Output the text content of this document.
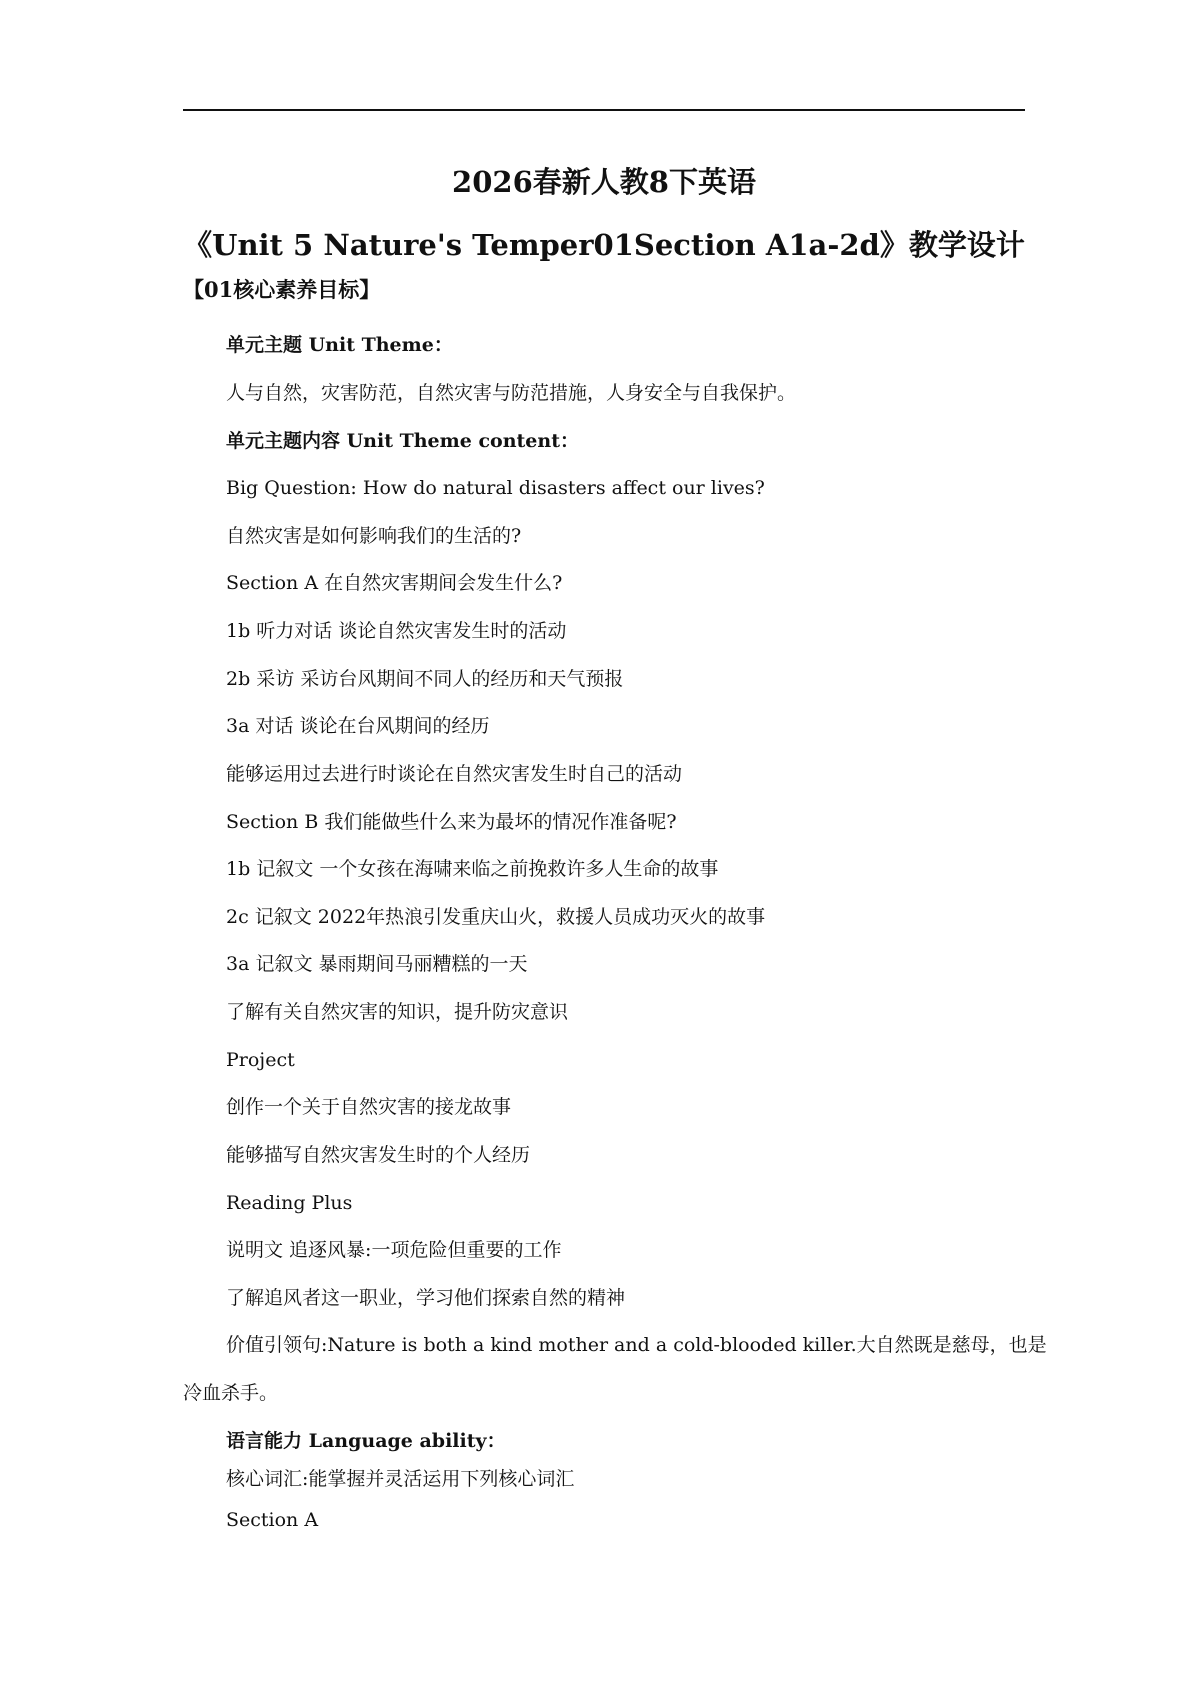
2026春新人教8下英语
《Unit 5 Nature's Temper01Section A1a-2d》教学设计
【01核心素养目标】
单元主题 Unit Theme：
人与自然，灾害防范，自然灾害与防范措施，人身安全与自我保护。
单元主题内容 Unit Theme content：
Big Question: How do natural disasters affect our lives?
自然灾害是如何影响我们的生活的?
Section A 在自然灾害期间会发生什么?
1b 听力对话 谈论自然灾害发生时的活动
2b 采访 采访台风期间不同人的经历和天气预报
3a 对话 谈论在台风期间的经历
能够运用过去进行时谈论在自然灾害发生时自己的活动
Section B 我们能做些什么来为最坏的情况作准备呢?
1b 记叙文 一个女孩在海啸来临之前挽救许多人生命的故事
2c 记叙文 2022年热浪引发重庆山火，救援人员成功灭火的故事
3a 记叙文 暴雨期间马丽糟糕的一天
了解有关自然灾害的知识，提升防灾意识
Project
创作一个关于自然灾害的接龙故事
能够描写自然灾害发生时的个人经历
Reading Plus
说明文 追逐风暴:一项危险但重要的工作
了解追风者这一职业，学习他们探索自然的精神
价值引领句:Nature is both a kind mother and a cold-blooded killer.大自然既是慈母，也是
冷血杀手。
语言能力 Language ability：
核心词汇:能掌握并灵活运用下列核心词汇
Section A
